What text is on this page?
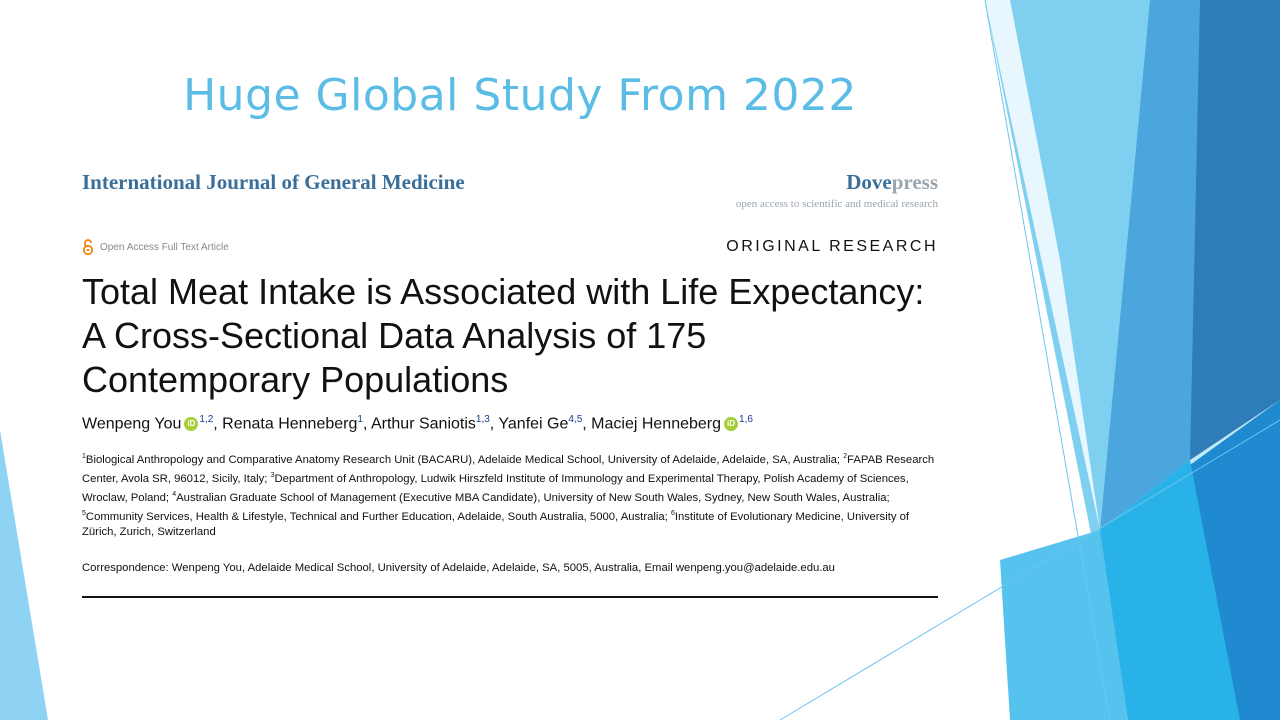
Huge Global Study From 2022
International Journal of General Medicine	Dovepress
open access to scientific and medical research
Open Access Full Text Article	ORIGINAL RESEARCH
Total Meat Intake is Associated with Life Expectancy: A Cross-Sectional Data Analysis of 175 Contemporary Populations
Wenpeng You iD $^{1,2}$, Renata Henneberg$^1$, Arthur Saniotis$^{1,3}$, Yanfei Ge$^{4,5}$, Maciej Henneberg iD $^{1,6}$
$^1$Biological Anthropology and Comparative Anatomy Research Unit (BACARU), Adelaide Medical School, University of Adelaide, Adelaide, SA, Australia; $^2$FAPAB Research Center, Avola SR, 96012, Sicily, Italy; $^3$Department of Anthropology, Ludwik Hirszfeld Institute of Immunology and Experimental Therapy, Polish Academy of Sciences, Wroclaw, Poland; $^4$Australian Graduate School of Management (Executive MBA Candidate), University of New South Wales, Sydney, New South Wales, Australia; $^5$Community Services, Health & Lifestyle, Technical and Further Education, Adelaide, South Australia, 5000, Australia; $^6$Institute of Evolutionary Medicine, University of Zürich, Zurich, Switzerland
Correspondence: Wenpeng You, Adelaide Medical School, University of Adelaide, Adelaide, SA, 5005, Australia, Email wenpeng.you@adelaide.edu.au
